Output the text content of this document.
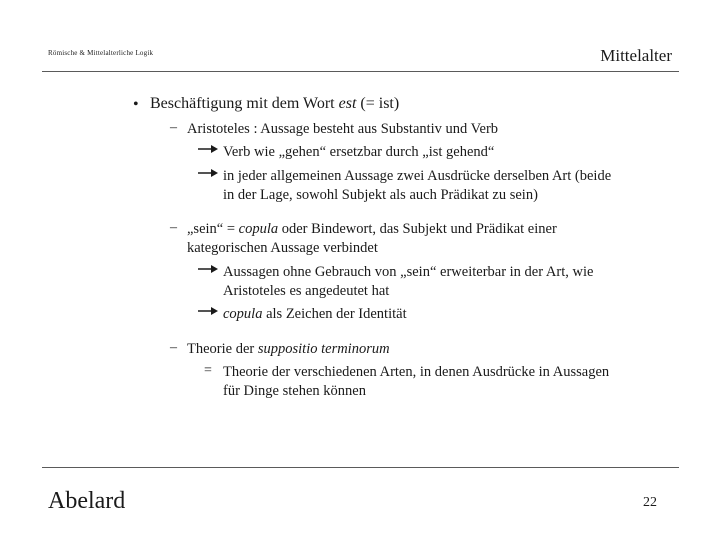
Römische & Mittelalterliche Logik	Mittelalter
• Beschäftigung mit dem Wort est (= ist)
– Aristoteles : Aussage besteht aus Substantiv und Verb
Verb wie „gehen“ ersetzbar durch „ist gehend“
in jeder allgemeinen Aussage zwei Ausdrücke derselben Art (beide
in der Lage, sowohl Subjekt als auch Prädikat zu sein)
– „sein“ = copula oder Bindewort, das Subjekt und Prädikat einer
kategorischen Aussage verbindet
Aussagen ohne Gebrauch von „sein“ erweiterbar in der Art, wie
Aristoteles es angedeutet hat
copula als Zeichen der Identität
– Theorie der suppositio terminorum
= Theorie der verschiedenen Arten, in denen Ausdrücke in Aussagen
für Dinge stehen können
Abelard	22
